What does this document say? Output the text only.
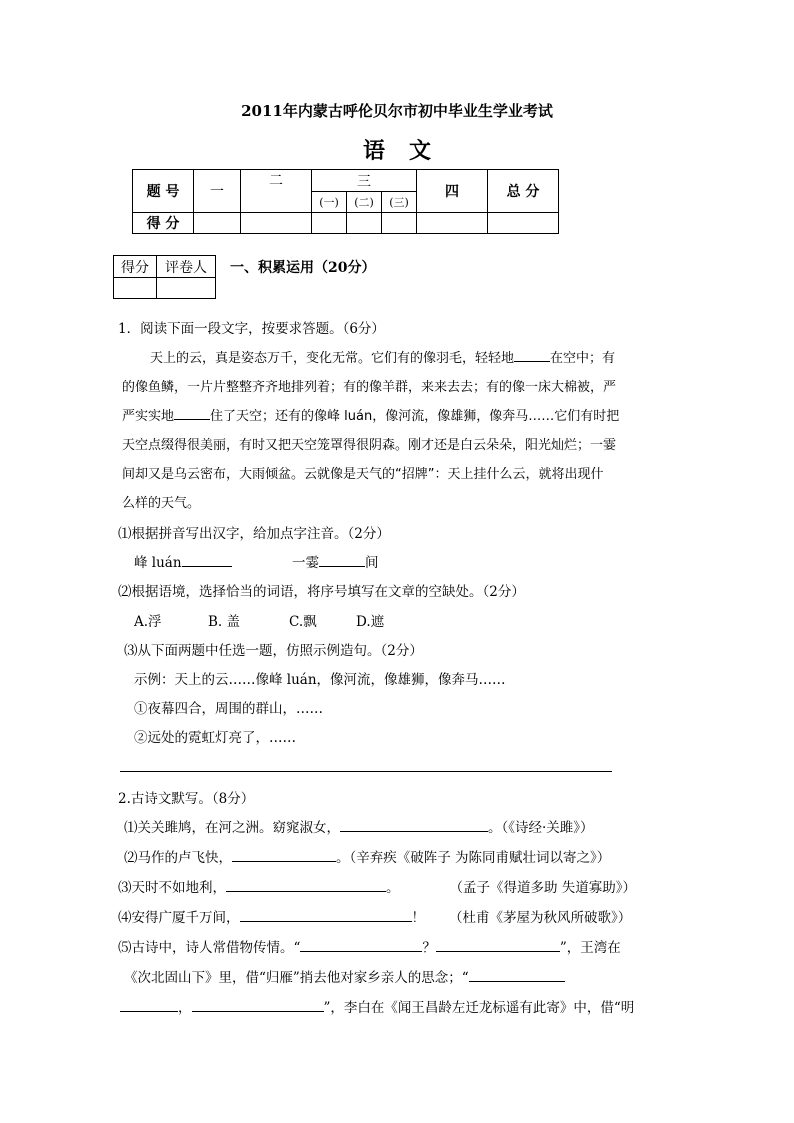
2011年内蒙古呼伦贝尔市初中毕业生学业考试
语文
题 号	一	二	三			四	总 分
			(一)	(二)	(三)		
得 分							
得分	评卷人
	一、积累运用（20分）
1．阅读下面一段文字，按要求答题。（6分）
天上的云，真是姿态万千，变化无常。它们有的像羽毛，轻轻地	在空中；有
的像鱼鳞，一片片整整齐齐地排列着；有的像羊群，来来去去；有的像一床大棉被，严
严实实地	住了天空；还有的像峰 luán，像河流，像雄狮，像奔马……它们有时把
天空点缀得很美丽，有时又把天空笼罩得很阴森。刚才还是白云朵朵，阳光灿烂；一霎
间却又是乌云密布，大雨倾盆。云就像是天气的“招牌”：天上挂什么云，就将出现什
么样的天气。
⑴根据拼音写出汉字，给加点字注音。（2分）
峰 luán	一霎	间
⑵根据语境，选择恰当的词语，将序号填写在文章的空缺处。（2分）
A.浮	B. 盖	C.飘	D.遮
⑶从下面两题中任选一题，仿照示例造句。（2分）
示例：天上的云……像峰 luán，像河流，像雄狮，像奔马……
①夜幕四合，周围的群山，……
②远处的霓虹灯亮了，……
2.古诗文默写。（8分）
⑴关关雎鸠，在河之洲。窈窕淑女，	。（《诗经·关雎》）
⑵马作的卢飞快，	。（辛弃疾《破阵子 为陈同甫赋壮词以寄之》）
⑶天时不如地利，	。	（孟子《得道多助 失道寡助》）
⑷安得广厦千万间，	！ （杜甫《茅屋为秋风所破歌》）
⑸古诗中，诗人常借物传情。“	？	”，王湾在
《次北固山下》里，借“归雁”捎去他对家乡亲人的思念；“
，	”，李白在《闻王昌龄左迁龙标遥有此寄》中，借“明
